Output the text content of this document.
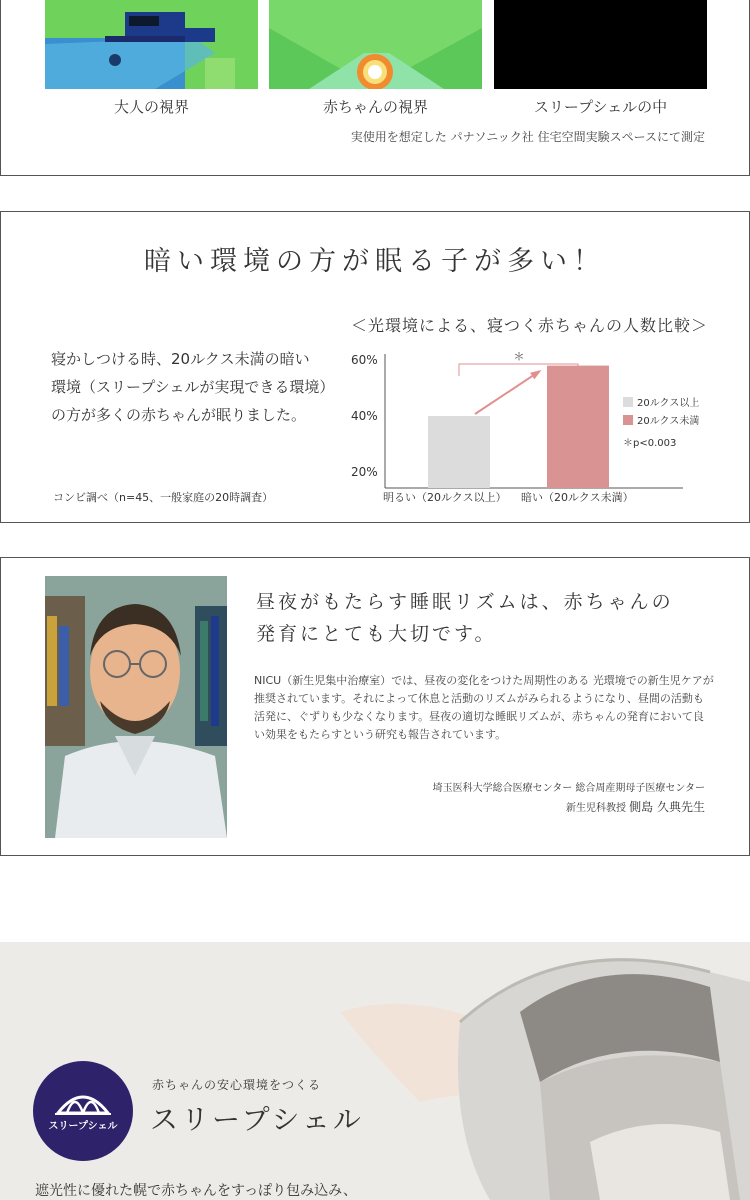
大人の視界	赤ちゃんの視界	スリープシェルの中
実使用を想定した パナソニック社 住宅空間実験スペースにて測定
暗い環境の方が眠る子が多い！
寝かしつける時、20ルクス未満の暗い
環境（スリープシェルが実現できる環境）
の方が多くの赤ちゃんが眠りました。
コンビ調べ（n=45、一般家庭の20時調査）
＜光環境による、寝つく赤ちゃんの人数比較＞
60%
40%
20%
＊
20ルクス以上
20ルクス未満
＊p<0.003
明るい（20ルクス以上） 暗い（20ルクス未満）
昼夜がもたらす睡眠リズムは、赤ちゃんの
発育にとても大切です。

NICU（新生児集中治療室）では、昼夜の変化をつけた周期性のある 光環境での新生児ケアが推奨されています。それによって休息と活動のリズムがみられるようになり、昼間の活動も 活発に、ぐずりも少なくなります。昼夜の適切な睡眠リズムが、赤ちゃんの発育において良い効果をもたらすという研究も報告されています。

埼玉医科大学総合医療センター 総合周産期母子医療センター
新生児科教授 側島 久典先生
スリープシェル
赤ちゃんの安心環境をつくる
スリープシェル
遮光性に優れた幌で赤ちゃんをすっぽり包み込み、
